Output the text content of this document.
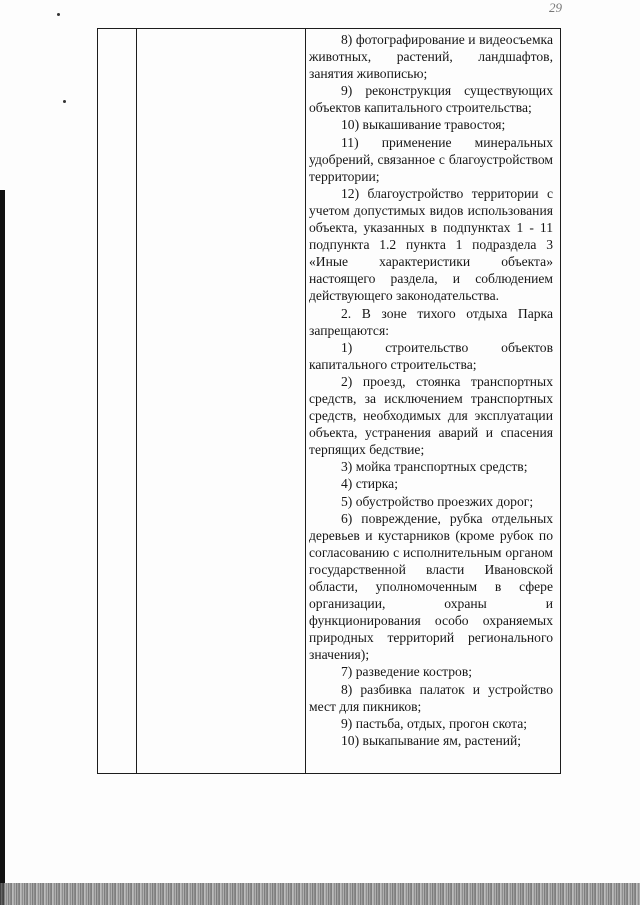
29

8) фотографирование и видеосъемка животных, растений, ландшафтов, занятия живописью;

9) реконструкция существующих объектов капитального строительства;

10) выкашивание травостоя;

11) применение минеральных удобрений, связанное с благоустройством территории;

12) благоустройство территории с учетом допустимых видов использования объекта, указанных в подпунктах 1 - 11 подпункта 1.2 пункта 1 подраздела 3 «Иные характеристики объекта» настоящего раздела, и соблюдением действующего законодательства.

2. В зоне тихого отдыха Парка запрещаются:

1) строительство объектов капитального строительства;

2) проезд, стоянка транспортных средств, за исключением транспортных средств, необходимых для эксплуатации объекта, устранения аварий и спасения терпящих бедствие;

3) мойка транспортных средств;

4) стирка;

5) обустройство проезжих дорог;

6) повреждение, рубка отдельных деревьев и кустарников (кроме рубок по согласованию с исполнительным органом государственной власти Ивановской области, уполномоченным в сфере организации, охраны и функционирования особо охраняемых природных территорий регионального значения);

7) разведение костров;

8) разбивка палаток и устройство мест для пикников;

9) пастьба, отдых, прогон скота;

10) выкапывание ям, растений;
